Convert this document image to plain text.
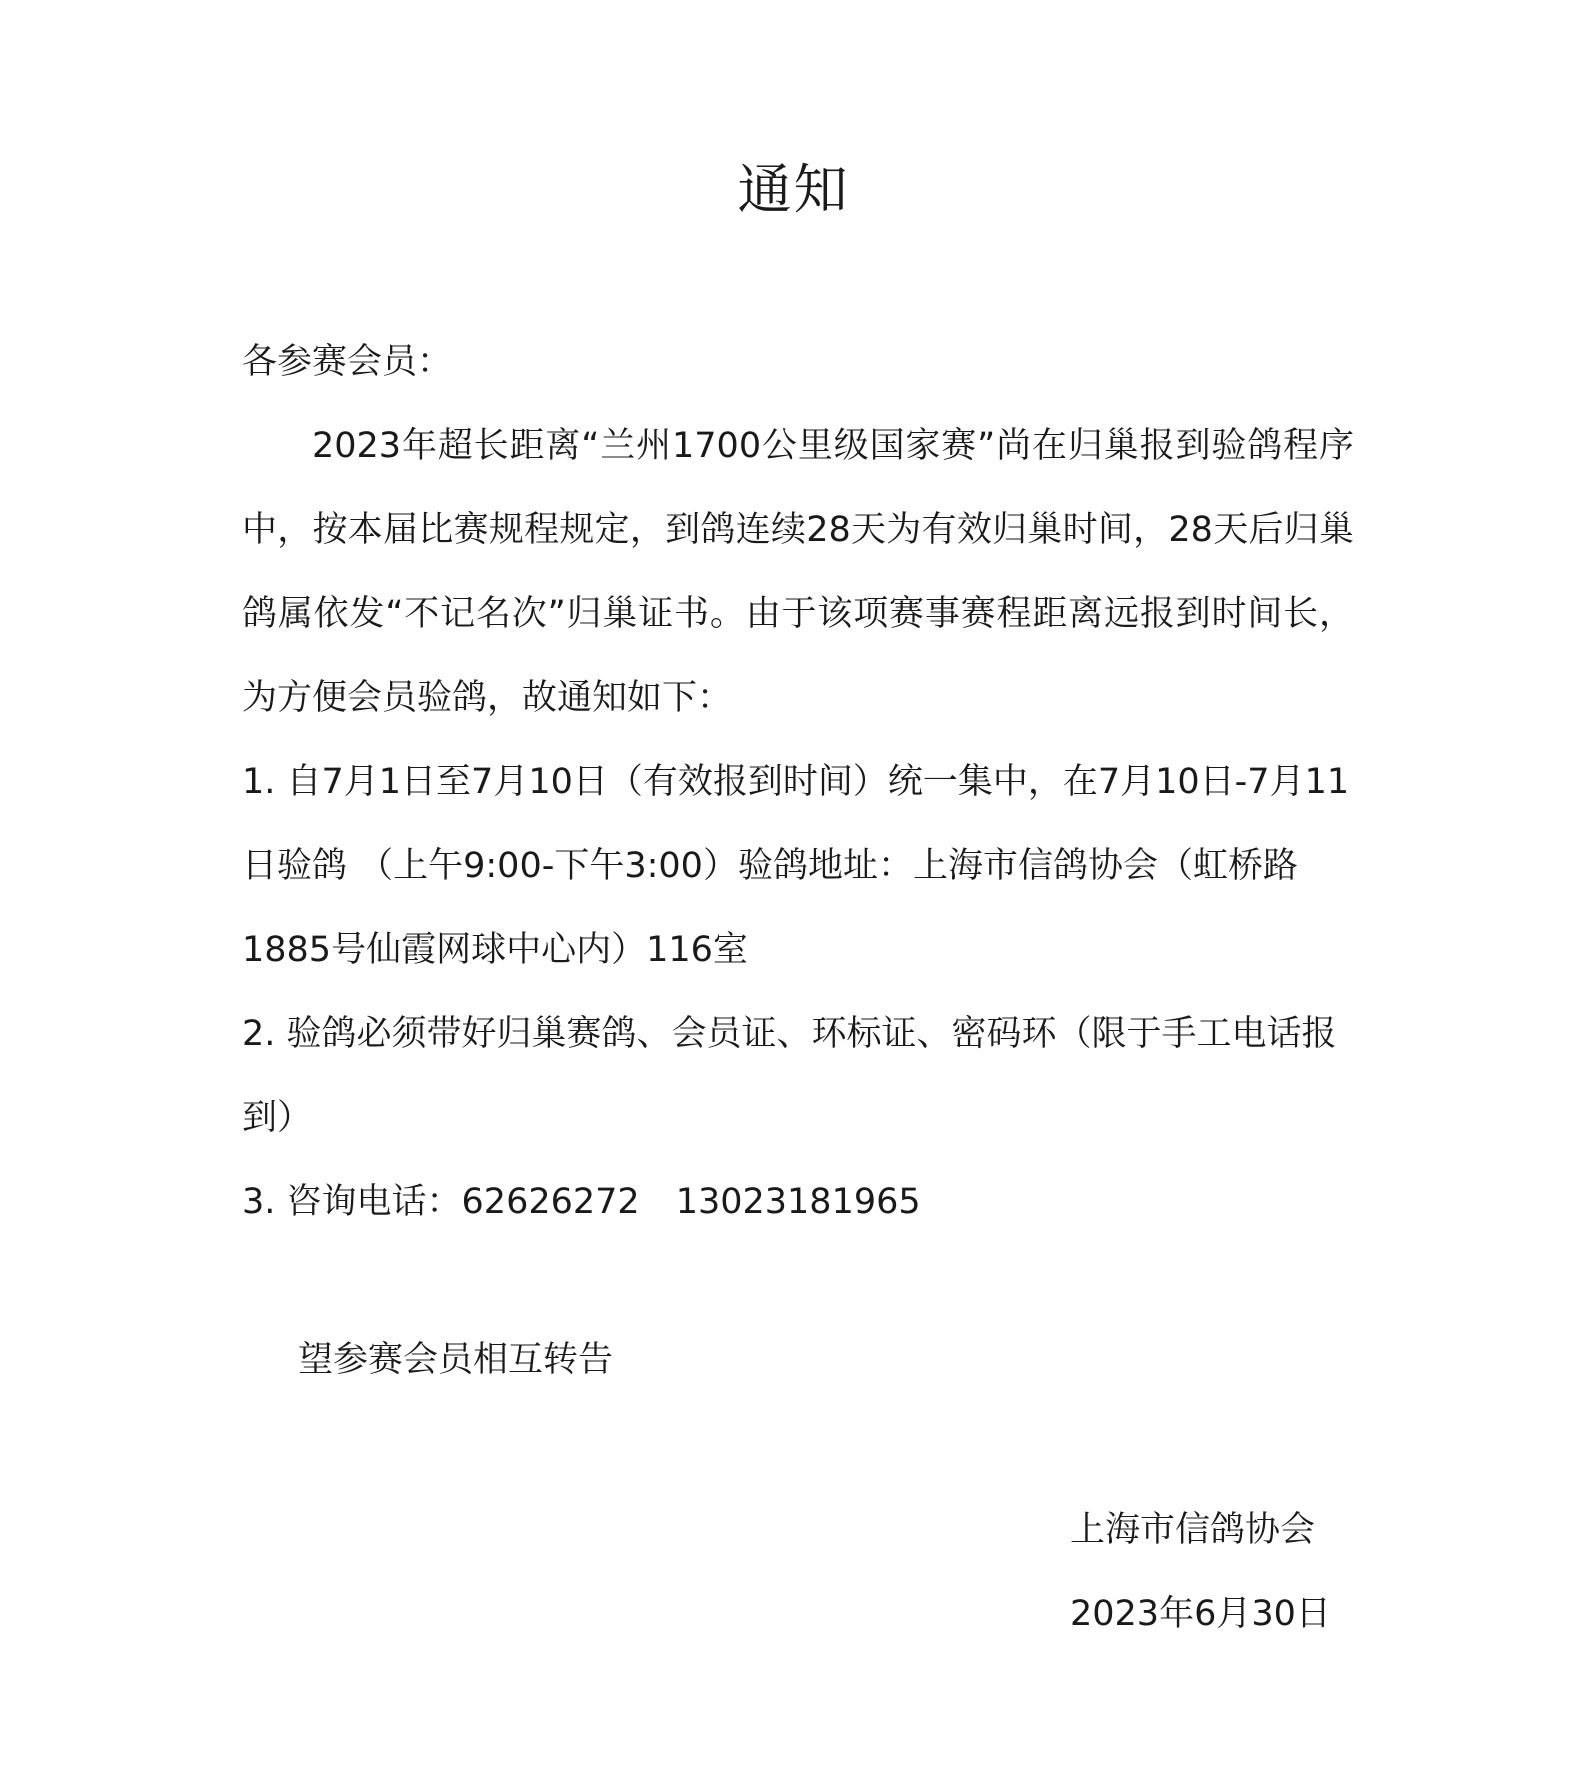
通知

各参赛会员：

2023年超长距离“兰州1700公里级国家赛”尚在归巢报到验鸽程序中，按本届比赛规程规定，到鸽连续28天为有效归巢时间，28天后归巢鸽属依发“不记名次”归巢证书。由于该项赛事赛程距离远报到时间长，为方便会员验鸽，故通知如下：

1. 自7月1日至7月10日（有效报到时间）统一集中，在7月10日-7月11日验鸽 （上午9:00-下午3:00）验鸽地址：上海市信鸽协会（虹桥路1885号仙霞网球中心内）116室

2. 验鸽必须带好归巢赛鸽、会员证、环标证、密码环（限于手工电话报到）

3. 咨询电话：62626272 13023181965

望参赛会员相互转告

上海市信鸽协会

2023年6月30日
